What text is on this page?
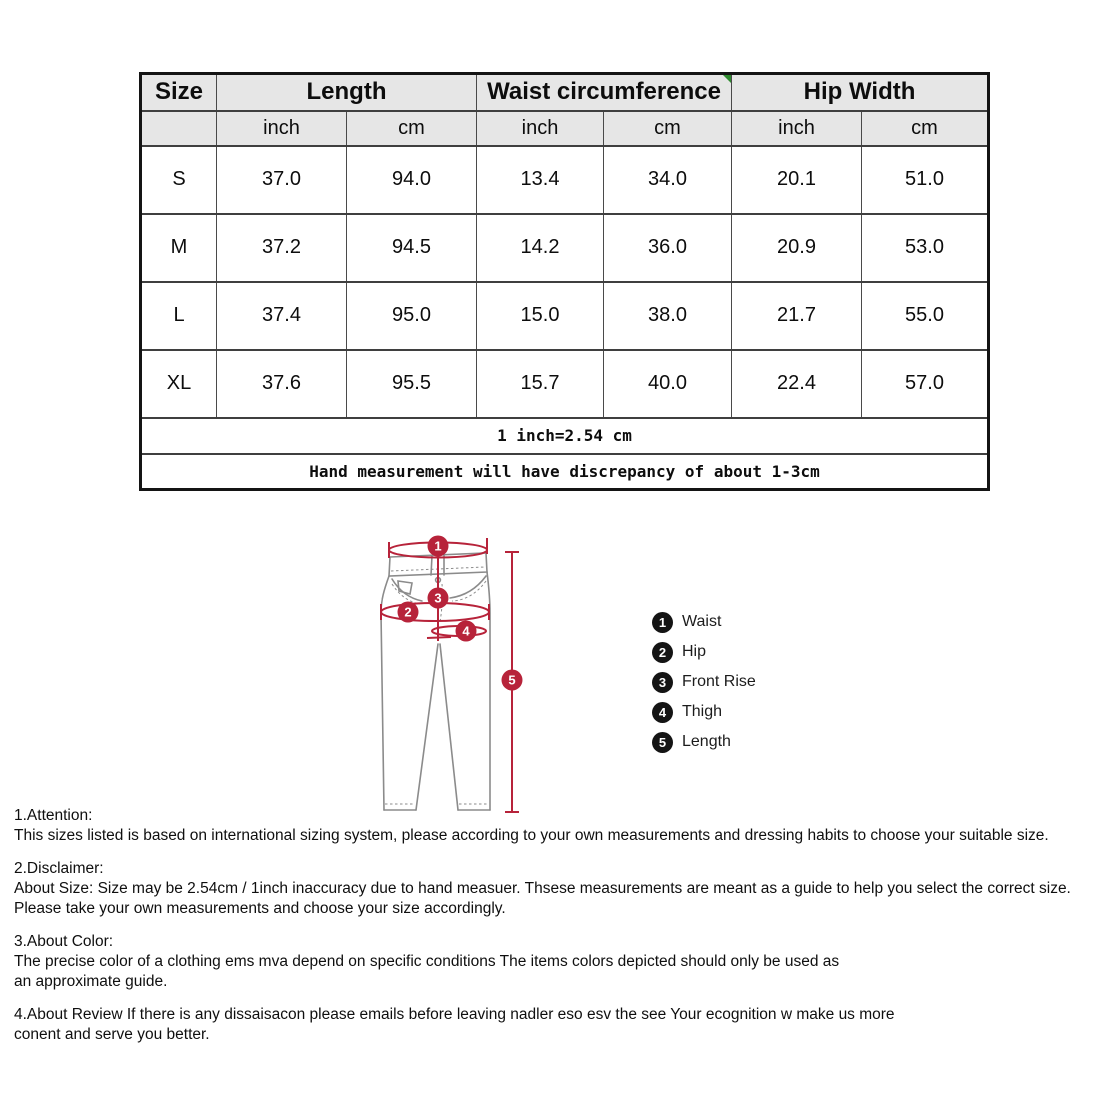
Size	Length		Waist circumference		Hip Width	
	inch	cm	inch	cm	inch	cm
S	37.0	94.0	13.4	34.0	20.1	51.0
M	37.2	94.5	14.2	36.0	20.9	53.0
L	37.4	95.0	15.0	38.0	21.7	55.0
XL	37.6	95.5	15.7	40.0	22.4	57.0
1 inch=2.54 cm						
Hand measurement will have discrepancy of about 1-3cm						
1
2
3
4
5
1 Waist
2 Hip
3 Front Rise
4 Thigh
5 Length
1.Attention:
This sizes listed is based on international sizing system, please according to your own measurements and dressing habits to choose your suitable size.
2.Disclaimer:
About Size: Size may be 2.54cm / 1inch inaccuracy due to hand measuer. Thsese measurements are meant as a guide to help you select the correct size.
Please take your own measurements and choose your size accordingly.
3.About Color:
The precise color of a clothing ems mva depend on specific conditions The items colors depicted should only be used as
an approximate guide.
4.About Review If there is any dissaisacon please emails before leaving nadler eso esv the see Your ecognition w make us more
conent and serve you better.
